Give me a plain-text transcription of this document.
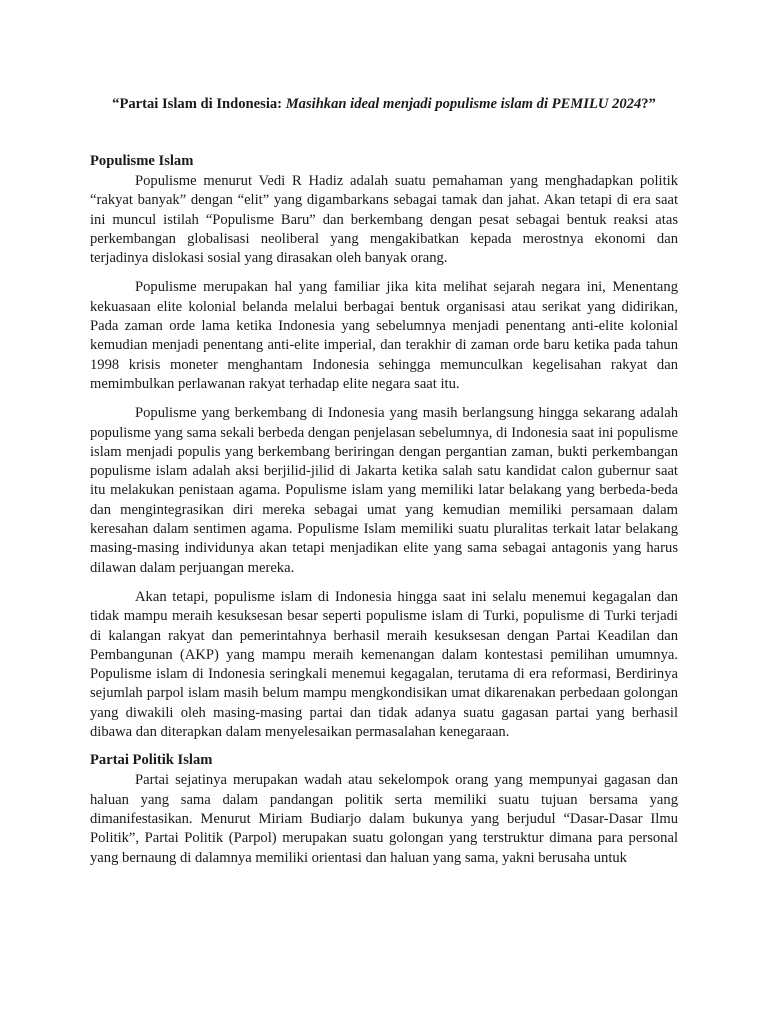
“Partai Islam di Indonesia: Masihkan ideal menjadi populisme islam di PEMILU 2024?”

Populisme Islam

Populisme menurut Vedi R Hadiz adalah suatu pemahaman yang menghadapkan politik “rakyat banyak” dengan “elit” yang digambarkans sebagai tamak dan jahat. Akan tetapi di era saat ini muncul istilah “Populisme Baru” dan berkembang dengan pesat sebagai bentuk reaksi atas perkembangan globalisasi neoliberal yang mengakibatkan kepada merostnya ekonomi dan terjadinya dislokasi sosial yang dirasakan oleh banyak orang.

Populisme merupakan hal yang familiar jika kita melihat sejarah negara ini, Menentang kekuasaan elite kolonial belanda melalui berbagai bentuk organisasi atau serikat yang didirikan, Pada zaman orde lama ketika Indonesia yang sebelumnya menjadi penentang anti-elite kolonial kemudian menjadi penentang anti-elite imperial, dan terakhir di zaman orde baru ketika pada tahun 1998 krisis moneter menghantam Indonesia sehingga memunculkan kegelisahan rakyat dan memimbulkan perlawanan rakyat terhadap elite negara saat itu.

Populisme yang berkembang di Indonesia yang masih berlangsung hingga sekarang adalah populisme yang sama sekali berbeda dengan penjelasan sebelumnya, di Indonesia saat ini populisme islam menjadi populis yang berkembang beriringan dengan pergantian zaman, bukti perkembangan populisme islam adalah aksi berjilid-jilid di Jakarta ketika salah satu kandidat calon gubernur saat itu melakukan penistaan agama. Populisme islam yang memiliki latar belakang yang berbeda-beda dan mengintegrasikan diri mereka sebagai umat yang kemudian memiliki persamaan dalam keresahan dalam sentimen agama. Populisme Islam memiliki suatu pluralitas terkait latar belakang masing-masing individunya akan tetapi menjadikan elite yang sama sebagai antagonis yang harus dilawan dalam perjuangan mereka.

Akan tetapi, populisme islam di Indonesia hingga saat ini selalu menemui kegagalan dan tidak mampu meraih kesuksesan besar seperti populisme islam di Turki, populisme di Turki terjadi di kalangan rakyat dan pemerintahnya berhasil meraih kesuksesan dengan Partai Keadilan dan Pembangunan (AKP) yang mampu meraih kemenangan dalam kontestasi pemilihan umumnya. Populisme islam di Indonesia seringkali menemui kegagalan, terutama di era reformasi, Berdirinya sejumlah parpol islam masih belum mampu mengkondisikan umat dikarenakan perbedaan golongan yang diwakili oleh masing-masing partai dan tidak adanya suatu gagasan partai yang berhasil dibawa dan diterapkan dalam menyelesaikan permasalahan kenegaraan.

Partai Politik Islam

Partai sejatinya merupakan wadah atau sekelompok orang yang mempunyai gagasan dan haluan yang sama dalam pandangan politik serta memiliki suatu tujuan bersama yang dimanifestasikan. Menurut Miriam Budiarjo dalam bukunya yang berjudul “Dasar-Dasar Ilmu Politik”, Partai Politik (Parpol) merupakan suatu golongan yang terstruktur dimana para personal yang bernaung di dalamnya memiliki orientasi dan haluan yang sama, yakni berusaha untuk
